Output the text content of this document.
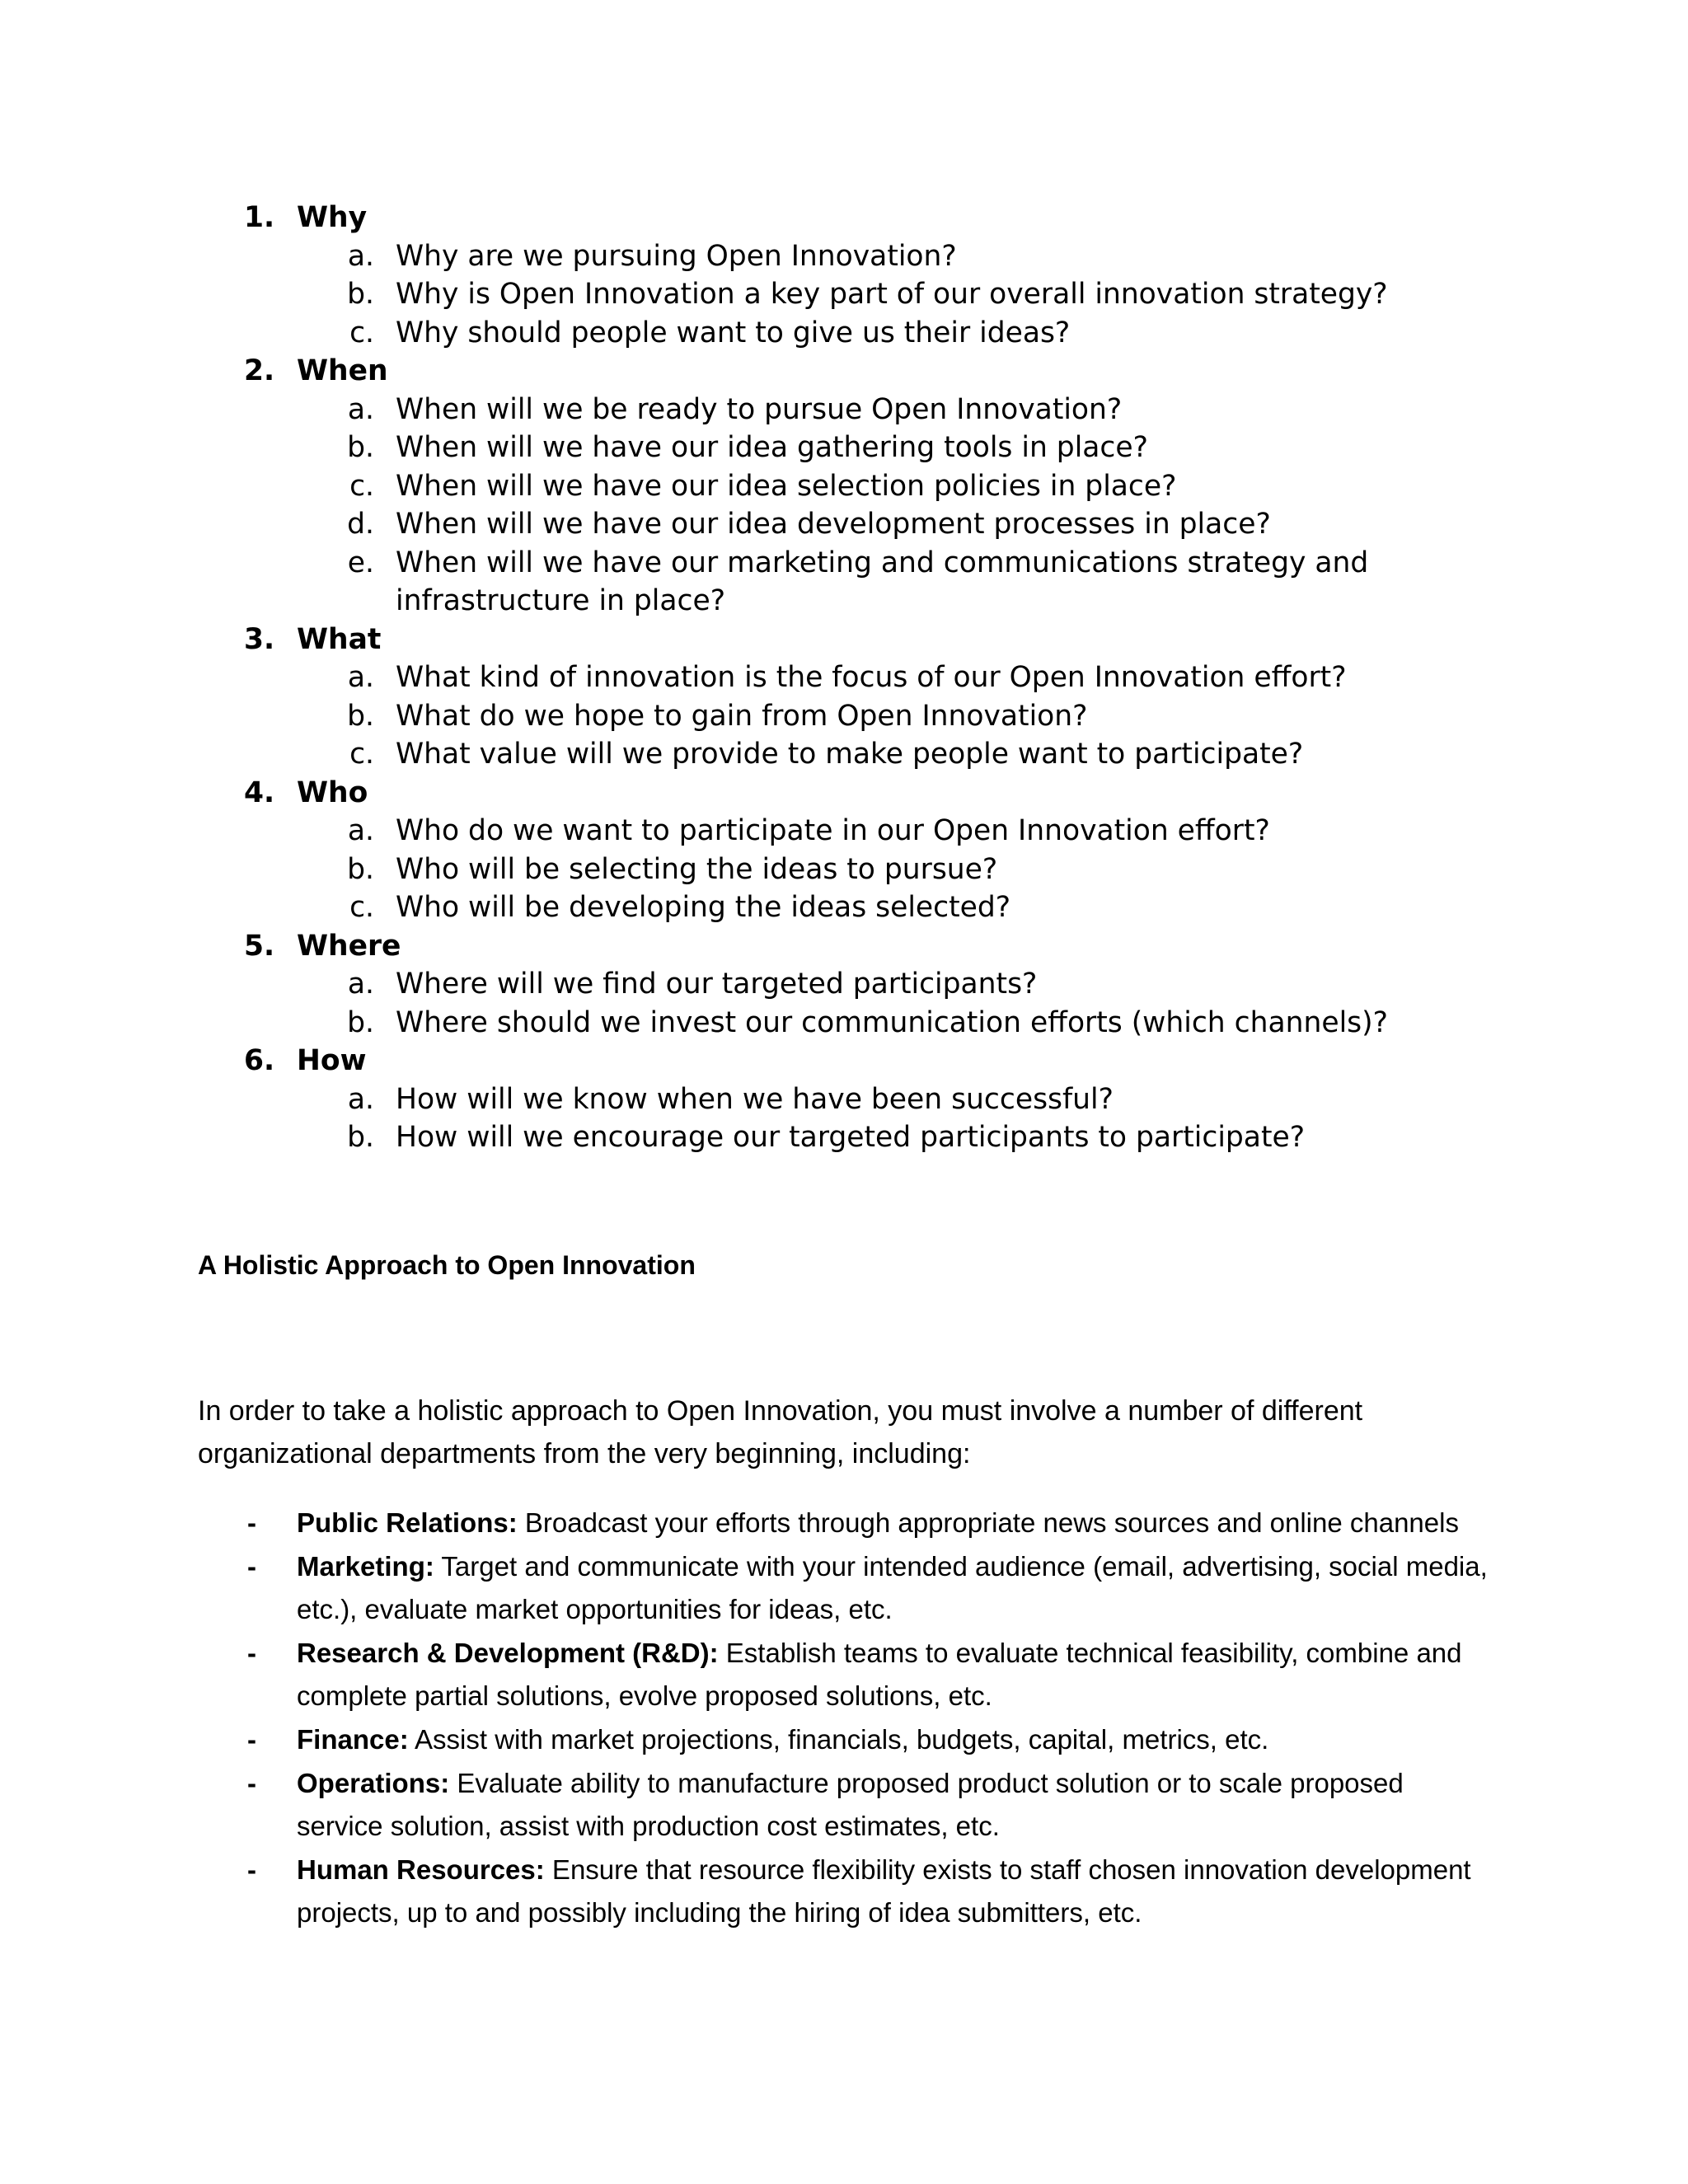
1. Why
a. Why are we pursuing Open Innovation?
b. Why is Open Innovation a key part of our overall innovation strategy?
c. Why should people want to give us their ideas?
2. When
a. When will we be ready to pursue Open Innovation?
b. When will we have our idea gathering tools in place?
c. When will we have our idea selection policies in place?
d. When will we have our idea development processes in place?
e. When will we have our marketing and communications strategy and
infrastructure in place?
3. What
a. What kind of innovation is the focus of our Open Innovation effort?
b. What do we hope to gain from Open Innovation?
c. What value will we provide to make people want to participate?
4. Who
a. Who do we want to participate in our Open Innovation effort?
b. Who will be selecting the ideas to pursue?
c. Who will be developing the ideas selected?
5. Where
a. Where will we find our targeted participants?
b. Where should we invest our communication efforts (which channels)?
6. How
a. How will we know when we have been successful?
b. How will we encourage our targeted participants to participate?
A Holistic Approach to Open Innovation

In order to take a holistic approach to Open Innovation, you must involve a number of different organizational departments from the very beginning, including:

- Public Relations: Broadcast your efforts through appropriate news sources and online channels
- Marketing: Target and communicate with your intended audience (email, advertising, social media, etc.), evaluate market opportunities for ideas, etc.
- Research & Development (R&D): Establish teams to evaluate technical feasibility, combine and complete partial solutions, evolve proposed solutions, etc.
- Finance: Assist with market projections, financials, budgets, capital, metrics, etc.
- Operations: Evaluate ability to manufacture proposed product solution or to scale proposed service solution, assist with production cost estimates, etc.
- Human Resources: Ensure that resource flexibility exists to staff chosen innovation development projects, up to and possibly including the hiring of idea submitters, etc.
